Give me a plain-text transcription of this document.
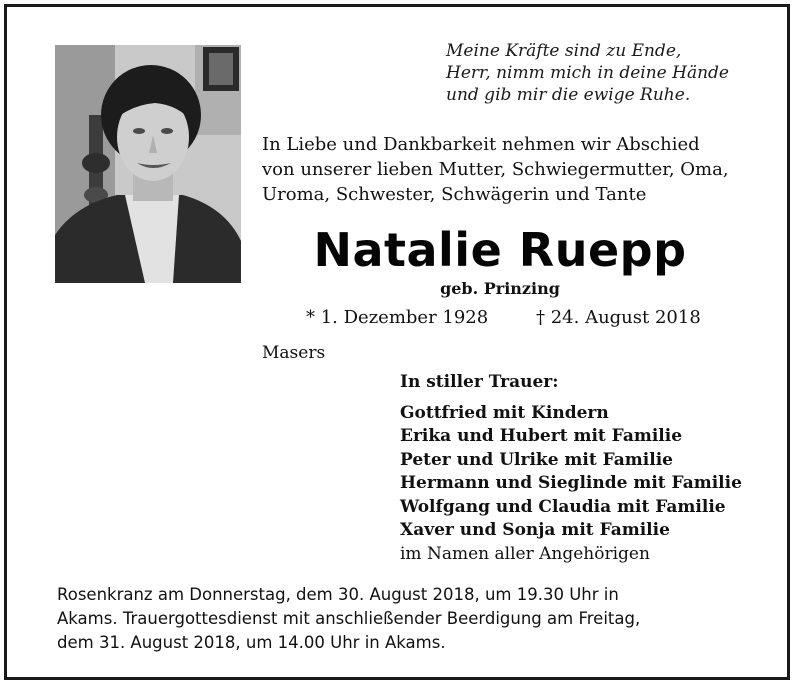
Meine Kräfte sind zu Ende,
Herr, nimm mich in deine Hände
und gib mir die ewige Ruhe.
In Liebe und Dankbarkeit nehmen wir Abschied
von unserer lieben Mutter, Schwiegermutter, Oma,
Uroma, Schwester, Schwägerin und Tante
Natalie Ruepp
geb. Prinzing
* 1. Dezember 1928	† 24. August 2018
Masers
In stiller Trauer:
Gottfried mit Kindern
Erika und Hubert mit Familie
Peter und Ulrike mit Familie
Hermann und Sieglinde mit Familie
Wolfgang und Claudia mit Familie
Xaver und Sonja mit Familie
im Namen aller Angehörigen
Rosenkranz am Donnerstag, dem 30. August 2018, um 19.30 Uhr in
Akams. Trauergottesdienst mit anschließender Beerdigung am Freitag,
dem 31. August 2018, um 14.00 Uhr in Akams.
